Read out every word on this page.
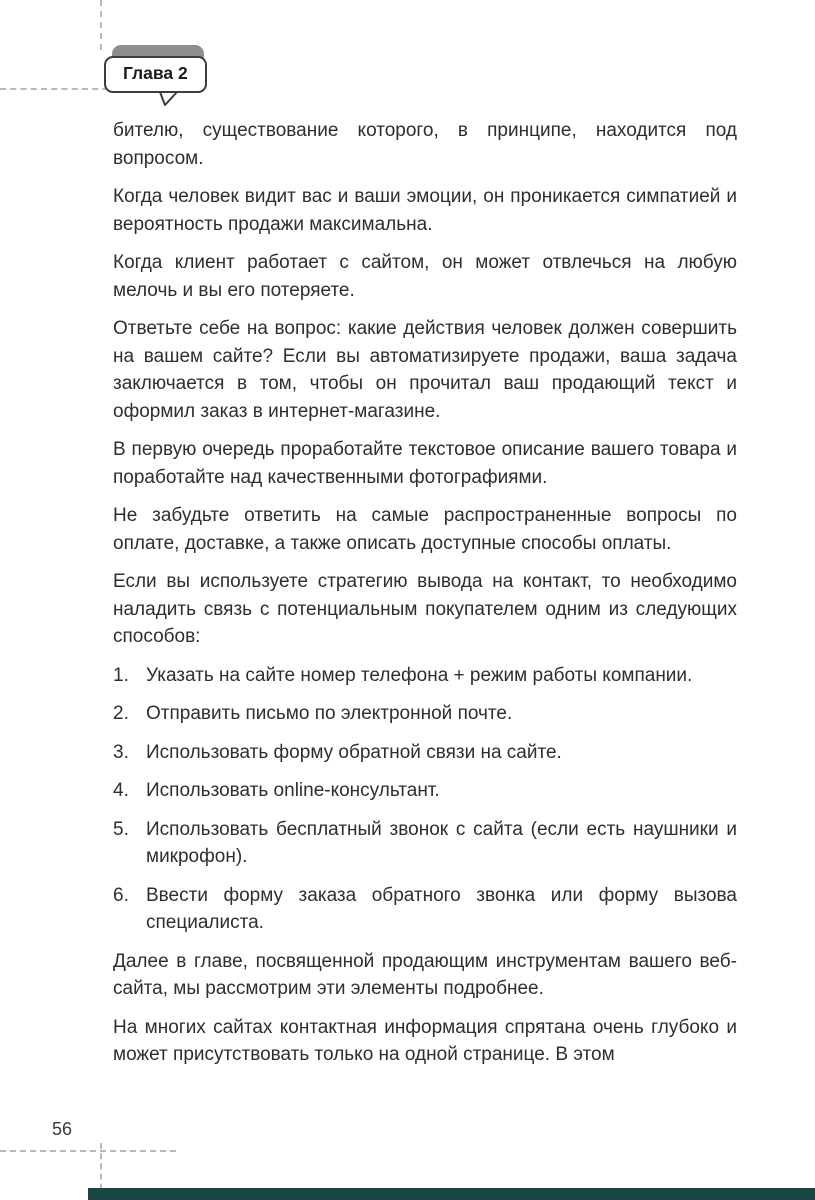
Глава 2

бителю, существование которого, в принципе, находится под вопросом.

Когда человек видит вас и ваши эмоции, он проникается симпатией и вероятность продажи максимальна.

Когда клиент работает с сайтом, он может отвлечься на любую мелочь и вы его потеряете.

Ответьте себе на вопрос: какие действия человек должен совершить на вашем сайте? Если вы автоматизируете продажи, ваша задача заключается в том, чтобы он прочитал ваш продающий текст и оформил заказ в интернет-магазине.

В первую очередь проработайте текстовое описание вашего товара и поработайте над качественными фотографиями.

Не забудьте ответить на самые распространенные вопросы по оплате, доставке, а также описать доступные способы оплаты.

Если вы используете стратегию вывода на контакт, то необходимо наладить связь с потенциальным покупателем одним из следующих способов:

1. Указать на сайте номер телефона + режим работы компании.
2. Отправить письмо по электронной почте.
3. Использовать форму обратной связи на сайте.
4. Использовать online-консультант.
5. Использовать бесплатный звонок с сайта (если есть наушники и микрофон).
6. Ввести форму заказа обратного звонка или форму вызова специалиста.

Далее в главе, посвященной продающим инструментам вашего веб-сайта, мы рассмотрим эти элементы подробнее.

На многих сайтах контактная информация спрятана очень глубоко и может присутствовать только на одной странице. В этом

56
